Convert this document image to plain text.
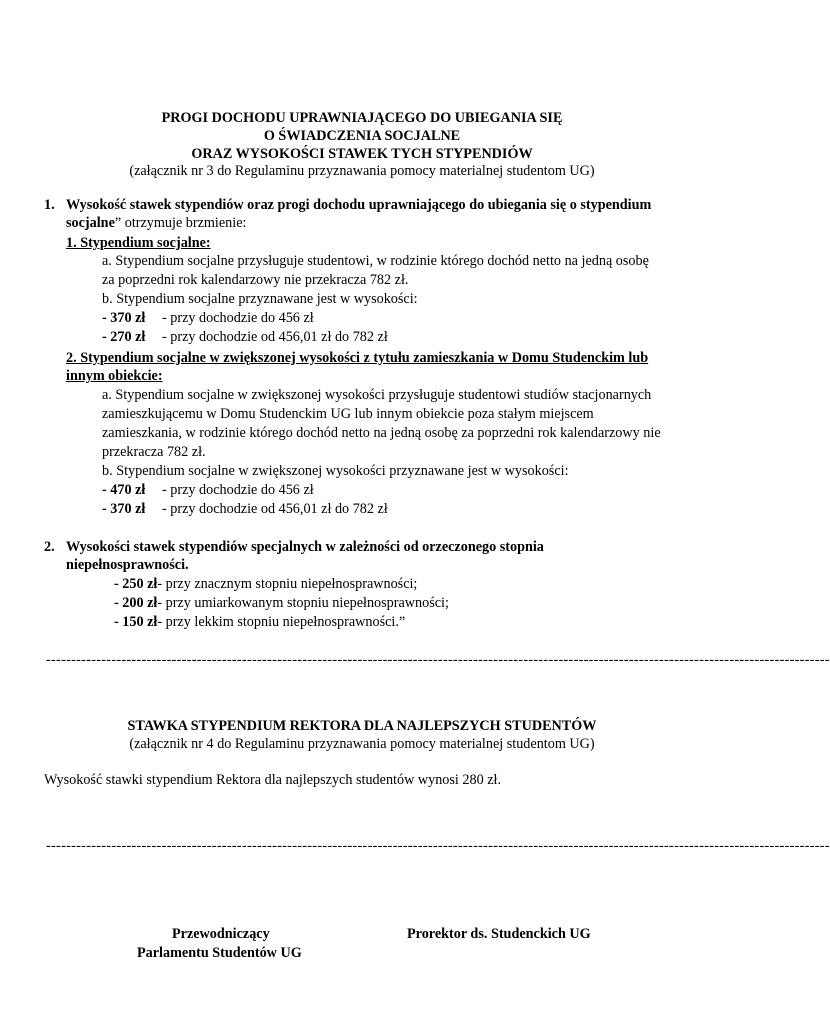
PROGI DOCHODU UPRAWNIAJĄCEGO DO UBIEGANIA SIĘ
O ŚWIADCZENIA SOCJALNE
ORAZ WYSOKOŚCI STAWEK TYCH STYPENDIÓW
(załącznik nr 3 do Regulaminu przyznawania pomocy materialnej studentom UG)
1. Wysokość stawek stypendiów oraz progi dochodu uprawniającego do ubiegania się o stypendium
socjalne” otrzymuje brzmienie:
1. Stypendium socjalne:
a. Stypendium socjalne przysługuje studentowi, w rodzinie którego dochód netto na jedną osobę
za poprzedni rok kalendarzowy nie przekracza 782 zł.
b. Stypendium socjalne przyznawane jest w wysokości:
- 370 zł - przy dochodzie do 456 zł
- 270 zł - przy dochodzie od 456,01 zł do 782 zł
2. Stypendium socjalne w zwiększonej wysokości z tytułu zamieszkania w Domu Studenckim lub
innym obiekcie:
a. Stypendium socjalne w zwiększonej wysokości przysługuje studentowi studiów stacjonarnych
zamieszkującemu w Domu Studenckim UG lub innym obiekcie poza stałym miejscem
zamieszkania, w rodzinie którego dochód netto na jedną osobę za poprzedni rok kalendarzowy nie
przekracza 782 zł.
b. Stypendium socjalne w zwiększonej wysokości przyznawane jest w wysokości:
- 470 zł - przy dochodzie do 456 zł
- 370 zł - przy dochodzie od 456,01 zł do 782 zł
2. Wysokości stawek stypendiów specjalnych w zależności od orzeczonego stopnia
niepełnosprawności.
- 250 zł- przy znacznym stopniu niepełnosprawności;
- 200 zł- przy umiarkowanym stopniu niepełnosprawności;
- 150 zł- przy lekkim stopniu niepełnosprawności.”
------------------------------------------------------------------------------------------------------------------------------------------------------------
STAWKA STYPENDIUM REKTORA DLA NAJLEPSZYCH STUDENTÓW
(załącznik nr 4 do Regulaminu przyznawania pomocy materialnej studentom UG)
Wysokość stawki stypendium Rektora dla najlepszych studentów wynosi 280 zł.
------------------------------------------------------------------------------------------------------------------------------------------------------------
Przewodniczący
Parlamentu Studentów UG
Prorektor ds. Studenckich UG
